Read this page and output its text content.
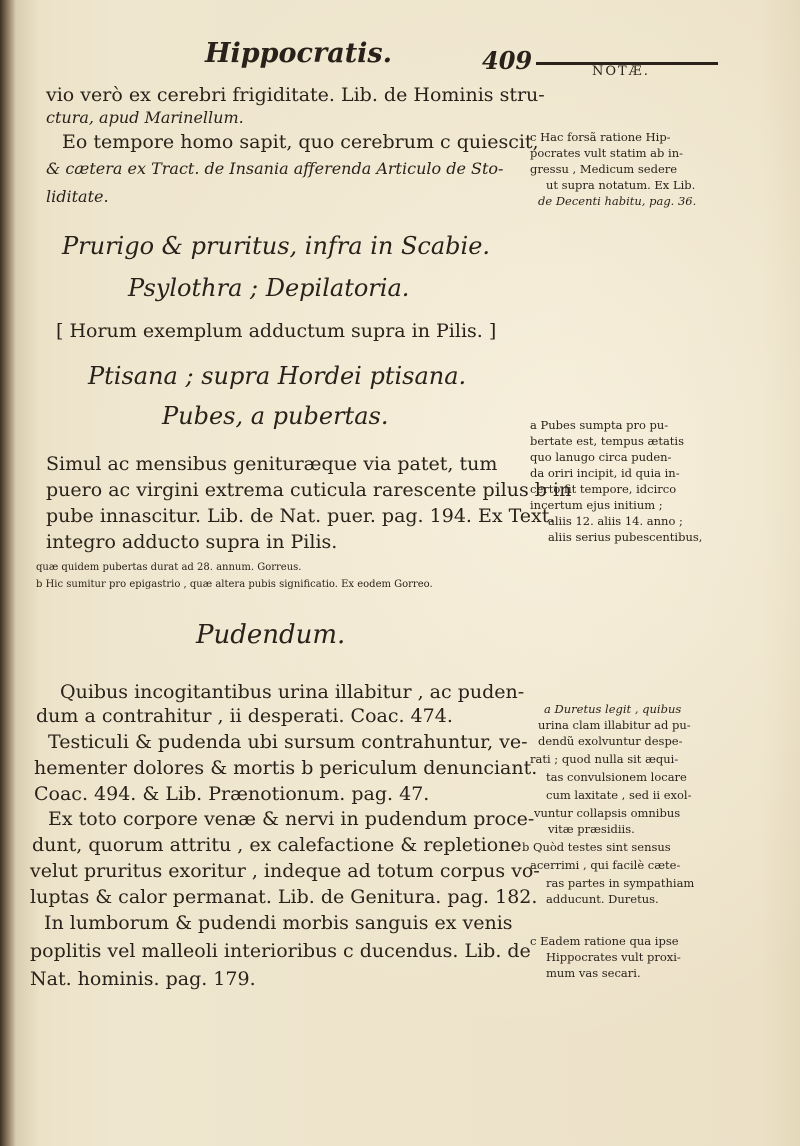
Hippocratis.	409	NOTÆ.
vio verò ex cerebri frigiditate. Lib. de Hominis stru-
ctura, apud Marinellum.
Eo tempore homo sapit, quo cerebrum c quiescit,
& cætera ex Tract. de Insania afferenda Articulo de Sto-
liditate.
c Hac forsã ratione Hip-
pocrates vult statim ab in-
gressu , Medicum sedere
ut supra notatum. Ex Lib.
de Decenti habitu, pag. 36.
Prurigo & pruritus, infra in Scabie.
Psylothra ; Depilatoria.
[ Horum exemplum adductum supra in Pilis. ]
Ptisana ; supra Hordei ptisana.
Pubes, a pubertas.
Simul ac mensibus genituræque via patet, tum
puero ac virgini extrema cuticula rarescente pilus b in
pube innascitur. Lib. de Nat. puer. pag. 194. Ex Text.
integro adducto supra in Pilis.
a Pubes sumpta pro pu-
bertate est, tempus ætatis
quo lanugo circa puden-
da oriri incipit, id quia in-
certo fit tempore, idcirco
incertum ejus initium ;
aliis 12. aliis 14. anno ;
aliis serius pubescentibus,
quæ quidem pubertas durat ad 28. annum. Gorreus.
b Hic sumitur pro epigastrio , quæ altera pubis significatio. Ex eodem Gorreo.
Pudendum.
Quibus incogitantibus urina illabitur , ac puden-
dum a contrahitur , ii desperati. Coac. 474.
Testiculi & pudenda ubi sursum contrahuntur, ve-
hementer dolores & mortis b periculum denunciant.
Coac. 494. & Lib. Prænotionum. pag. 47.
Ex toto corpore venæ & nervi in pudendum proce-
dunt, quorum attritu , ex calefactione & repletione
velut pruritus exoritur , indeque ad totum corpus vo-
luptas & calor permanat. Lib. de Genitura. pag. 182.
In lumborum & pudendi morbis sanguis ex venis
poplitis vel malleoli interioribus c ducendus. Lib. de
Nat. hominis. pag. 179.
a Duretus legit , quibus
urina clam illabitur ad pu-
dendũ exolvuntur despe-
rati ; quod nulla sit æqui-
tas convulsionem locare
cum laxitate , sed ii exol-
vuntur collapsis omnibus
vitæ præsidiis.
b Quòd testes sint sensus
acerrimi , qui facilè cæte-
ras partes in sympathiam
adducunt. Duretus.
c Eadem ratione qua ipse
Hippocrates vult proxi-
mum vas secari.
